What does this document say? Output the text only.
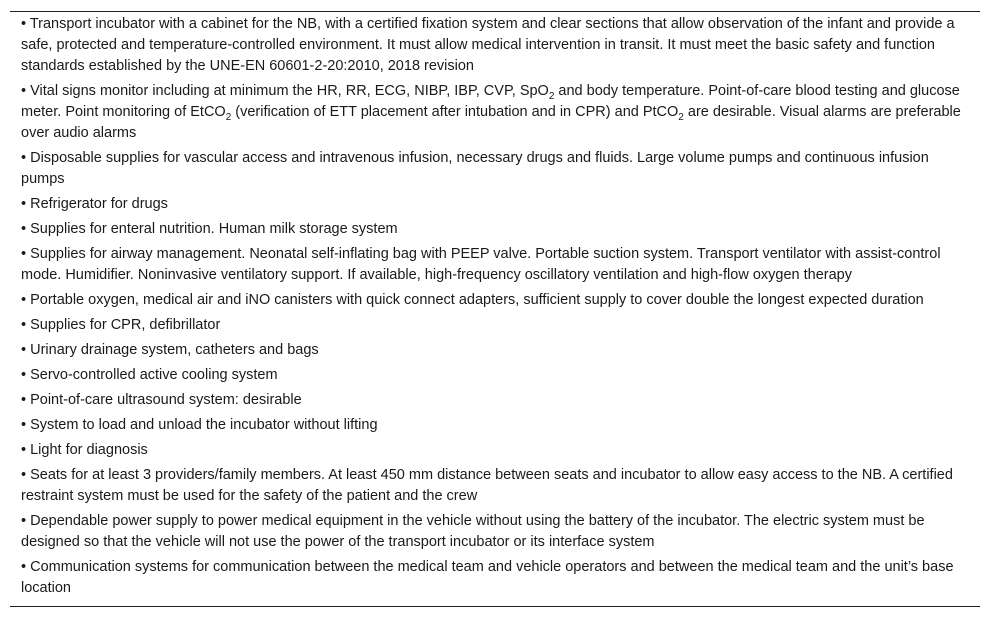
• Transport incubator with a cabinet for the NB, with a certified fixation system and clear sections that allow observation of the infant and provide a safe, protected and temperature-controlled environment. It must allow medical intervention in transit. It must meet the basic safety and function standards established by the UNE-EN 60601-2-20:2010, 2018 revision
• Vital signs monitor including at minimum the HR, RR, ECG, NIBP, IBP, CVP, SpO$_2$ and body temperature. Point-of-care blood testing and glucose meter. Point monitoring of EtCO$_2$ (verification of ETT placement after intubation and in CPR) and PtCO$_2$ are desirable. Visual alarms are preferable over audio alarms
• Disposable supplies for vascular access and intravenous infusion, necessary drugs and fluids. Large volume pumps and continuous infusion pumps
• Refrigerator for drugs
• Supplies for enteral nutrition. Human milk storage system
• Supplies for airway management. Neonatal self-inflating bag with PEEP valve. Portable suction system. Transport ventilator with assist-control mode. Humidifier. Noninvasive ventilatory support. If available, high-frequency oscillatory ventilation and high-flow oxygen therapy
• Portable oxygen, medical air and iNO canisters with quick connect adapters, sufficient supply to cover double the longest expected duration
• Supplies for CPR, defibrillator
• Urinary drainage system, catheters and bags
• Servo-controlled active cooling system
• Point-of-care ultrasound system: desirable
• System to load and unload the incubator without lifting
• Light for diagnosis
• Seats for at least 3 providers/family members. At least 450 mm distance between seats and incubator to allow easy access to the NB. A certified restraint system must be used for the safety of the patient and the crew
• Dependable power supply to power medical equipment in the vehicle without using the battery of the incubator. The electric system must be designed so that the vehicle will not use the power of the transport incubator or its interface system
• Communication systems for communication between the medical team and vehicle operators and between the medical team and the unit’s base location
